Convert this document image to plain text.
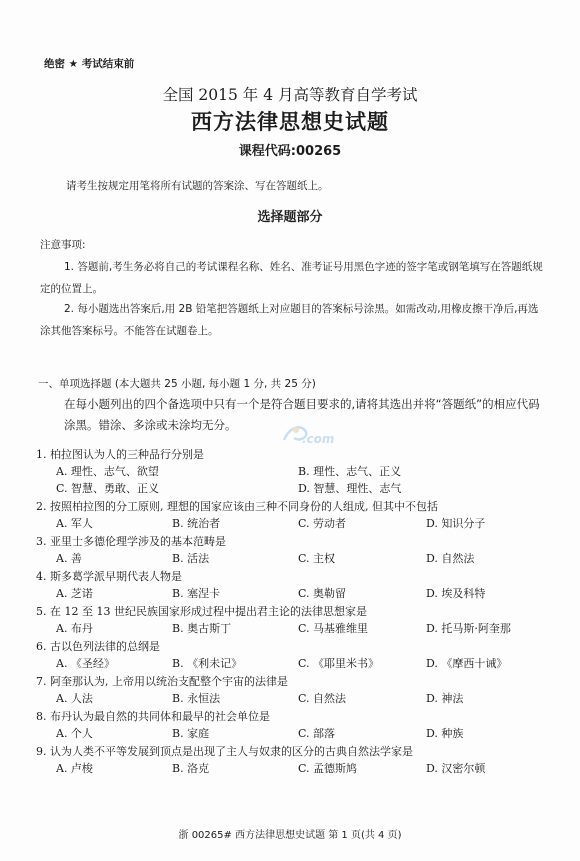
绝密 ★ 考试结束前
全国 2015 年 4 月高等教育自学考试
西方法律思想史试题
课程代码:00265
请考生按规定用笔将所有试题的答案涂、写在答题纸上。
选择题部分
注意事项:
1. 答题前,考生务必将自己的考试课程名称、姓名、准考证号用黑色字迹的签字笔或钢笔填写在答题纸规定的位置上。
2. 每小题选出答案后,用 2B 铅笔把答题纸上对应题目的答案标号涂黑。如需改动,用橡皮擦干净后,再选涂其他答案标号。不能答在试题卷上。
一、单项选择题 (本大题共 25 小题, 每小题 1 分, 共 25 分)
在每小题列出的四个备选项中只有一个是符合题目要求的,请将其选出并将“答题纸”的相应代码涂黑。错涂、多涂或未涂均无分。
.com
1. 柏拉图认为人的三种品行分别是
A. 理性、志气、欲望	B. 理性、志气、正义
C. 智慧、勇敢、正义	D. 智慧、理性、志气
2. 按照柏拉图的分工原则, 理想的国家应该由三种不同身份的人组成, 但其中不包括
A. 军人	B. 统治者	C. 劳动者	D. 知识分子
3. 亚里士多德伦理学涉及的基本范畴是
A. 善	B. 活法	C. 主权	D. 自然法
4. 斯多葛学派早期代表人物是
A. 芝诺	B. 塞涅卡	C. 奥勒留	D. 埃及科特
5. 在 12 至 13 世纪民族国家形成过程中提出君主论的法律思想家是
A. 布丹	B. 奥古斯丁	C. 马基雅维里	D. 托马斯·阿奎那
6. 古以色列法律的总纲是
A. 《圣经》	B. 《利未记》	C. 《耶里米书》	D. 《摩西十诫》
7. 阿奎那认为, 上帝用以统治支配整个宇宙的法律是
A. 人法	B. 永恒法	C. 自然法	D. 神法
8. 布丹认为最自然的共同体和最早的社会单位是
A. 个人	B. 家庭	C. 部落	D. 种族
9. 认为人类不平等发展到顶点是出现了主人与奴隶的区分的古典自然法学家是
A. 卢梭	B. 洛克	C. 孟德斯鸠	D. 汉密尔顿
浙 00265# 西方法律思想史试题 第 1 页(共 4 页)
